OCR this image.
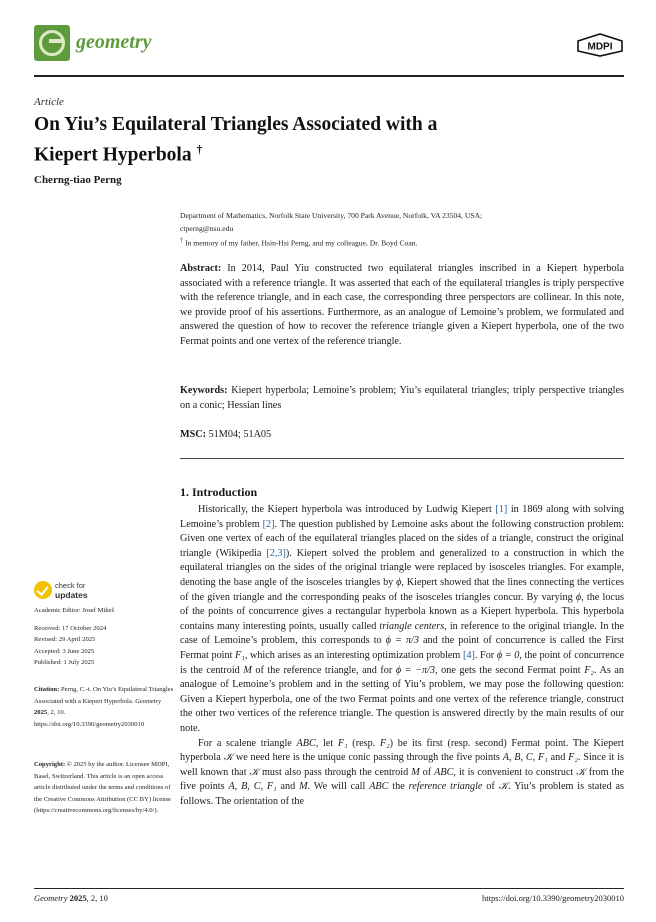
geometry	MDPI
Article
On Yiu’s Equilateral Triangles Associated with a
Kiepert Hyperbola †
Cherng-tiao Perng
Department of Mathematics, Norfolk State University, 700 Park Avenue, Norfolk, VA 23504, USA;
ctperng@nsu.edu
† In memory of my father, Hsin-Hsi Perng, and my colleague, Dr. Boyd Coan.
Abstract: In 2014, Paul Yiu constructed two equilateral triangles inscribed in a Kiepert hyperbola associated with a reference triangle. It was asserted that each of the equilateral triangles is triply perspective with the reference triangle, and in each case, the corresponding three perspectors are collinear. In this note, we provide proof of his assertions. Furthermore, as an analogue of Lemoine’s problem, we formulated and answered the question of how to recover the reference triangle given a Kiepert hyperbola, one of the two Fermat points and one vertex of the reference triangle.
Keywords: Kiepert hyperbola; Lemoine’s problem; Yiu’s equilateral triangles; triply perspective triangles on a conic; Hessian lines
MSC: 51M04; 51A05
1. Introduction

Historically, the Kiepert hyperbola was introduced by Ludwig Kiepert [1] in 1869 along with solving Lemoine’s problem [2]. The question published by Lemoine asks about the following construction problem: Given one vertex of each of the equilateral triangles placed on the sides of a triangle, construct the original triangle (Wikipedia [2,3]). Kiepert solved the problem and generalized to a construction in which the equilateral triangles on the sides of the original triangle were replaced by isosceles triangles. For example, denoting the base angle of the isosceles triangles by ϕ, Kiepert showed that the lines connecting the vertices of the given triangle and the corresponding peaks of the isosceles triangles concur. By varying ϕ, the locus of the points of concurrence gives a rectangular hyperbola known as a Kiepert hyperbola. This hyperbola contains many interesting points, usually called triangle centers, in reference to the original triangle. In the case of Lemoine’s problem, this corresponds to ϕ = π/3 and the point of concurrence is called the First Fermat point F₁, which arises as an interesting optimization problem [4]. For ϕ = 0, the point of concurrence is the centroid M of the reference triangle, and for ϕ = −π/3, one gets the second Fermat point F₂. As an analogue of Lemoine’s problem and in the setting of Yiu’s problem, we may pose the following question: Given a Kiepert hyperbola, one of the two Fermat points and one vertex of the reference triangle, construct the other two vertices of the reference triangle. The question is answered directly by the main results of our note.

For a scalene triangle ABC, let F₁ (resp. F₂) be its first (resp. second) Fermat point. The Kiepert hyperbola 𝒦 we need here is the unique conic passing through the five points A, B, C, F₁ and F₂. Since it is well known that 𝒦 must also pass through the centroid M of ABC, it is convenient to construct 𝒦 from the five points A, B, C, F₁ and M. We will call ABC the reference triangle of 𝒦. Yiu’s problem is stated as follows. The orientation of the

check for
updates
Academic Editor: Josef Mikeš
Received: 17 October 2024
Revised: 29 April 2025
Accepted: 3 June 2025
Published: 1 July 2025
Citation: Perng, C.-t. On Yiu’s Equilateral Triangles Associated with a Kiepert Hyperbola. Geometry 2025, 2, 10. https://doi.org/10.3390/geometry2030010
Copyright: © 2025 by the author. Licensee MDPI, Basel, Switzerland. This article is an open access article distributed under the terms and conditions of the Creative Commons Attribution (CC BY) license (https://creativecommons.org/licenses/by/4.0/).
Geometry 2025, 2, 10	https://doi.org/10.3390/geometry2030010
